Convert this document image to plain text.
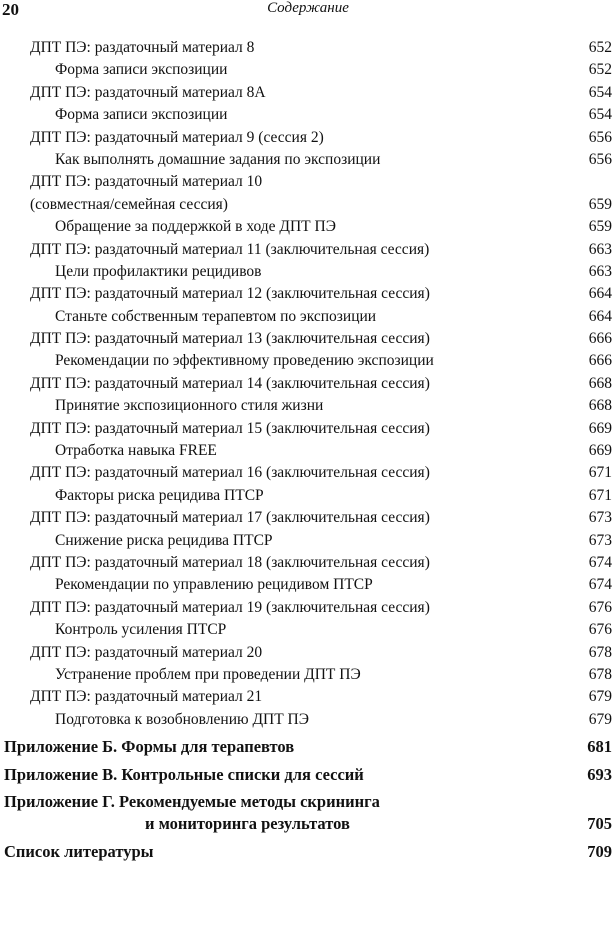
20	Содержание
ДПТ ПЭ: раздаточный материал 8	652
Форма записи экспозиции	652
ДПТ ПЭ: раздаточный материал 8А	654
Форма записи экспозиции	654
ДПТ ПЭ: раздаточный материал 9 (сессия 2)	656
Как выполнять домашние задания по экспозиции	656
ДПТ ПЭ: раздаточный материал 10
(совместная/семейная сессия)	659
Обращение за поддержкой в ходе ДПТ ПЭ	659
ДПТ ПЭ: раздаточный материал 11 (заключительная сессия)	663
Цели профилактики рецидивов	663
ДПТ ПЭ: раздаточный материал 12 (заключительная сессия)	664
Станьте собственным терапевтом по экспозиции	664
ДПТ ПЭ: раздаточный материал 13 (заключительная сессия)	666
Рекомендации по эффективному проведению экспозиции	666
ДПТ ПЭ: раздаточный материал 14 (заключительная сессия)	668
Принятие экспозиционного стиля жизни	668
ДПТ ПЭ: раздаточный материал 15 (заключительная сессия)	669
Отработка навыка FREE	669
ДПТ ПЭ: раздаточный материал 16 (заключительная сессия)	671
Факторы риска рецидива ПТСР	671
ДПТ ПЭ: раздаточный материал 17 (заключительная сессия)	673
Снижение риска рецидива ПТСР	673
ДПТ ПЭ: раздаточный материал 18 (заключительная сессия)	674
Рекомендации по управлению рецидивом ПТСР	674
ДПТ ПЭ: раздаточный материал 19 (заключительная сессия)	676
Контроль усиления ПТСР	676
ДПТ ПЭ: раздаточный материал 20	678
Устранение проблем при проведении ДПТ ПЭ	678
ДПТ ПЭ: раздаточный материал 21	679
Подготовка к возобновлению ДПТ ПЭ	679
Приложение Б. Формы для терапевтов	681
Приложение В. Контрольные списки для сессий	693
Приложение Г. Рекомендуемые методы скрининга
и мониторинга результатов	705
Список литературы	709
